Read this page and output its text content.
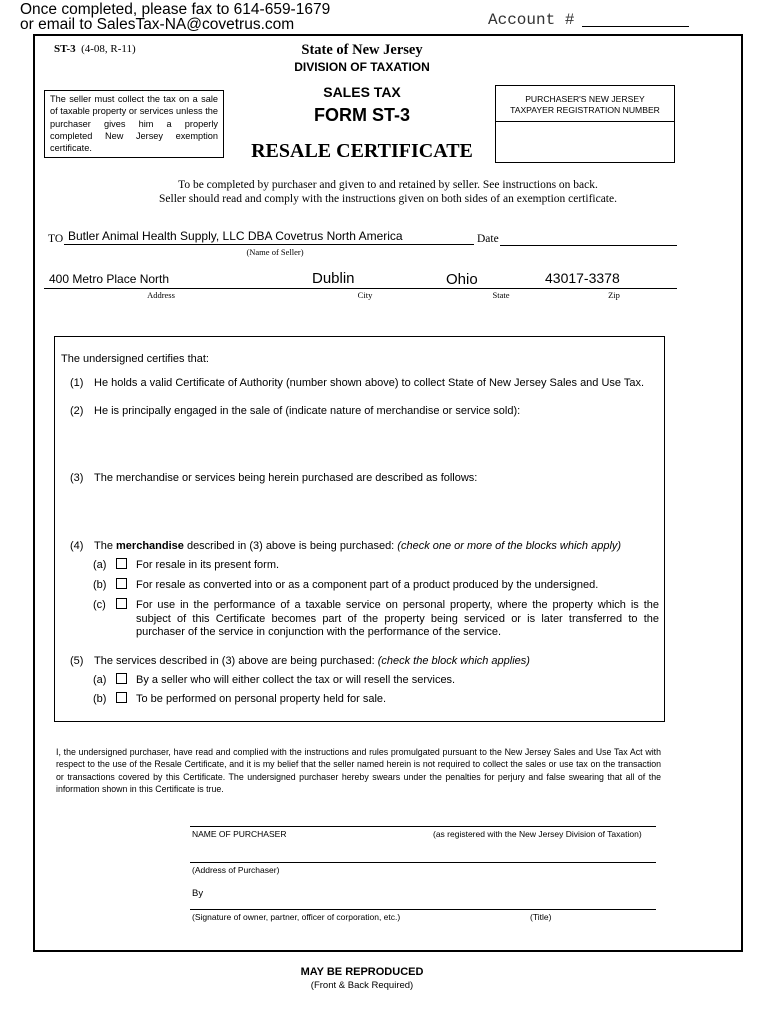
Once completed, please fax to 614-659-1679
or email to SalesTax-NA@covetrus.com	Account #
ST-3 (4-08, R-11)	State of New Jersey
DIVISION OF TAXATION
The seller must collect the tax on a sale of taxable property or services unless the purchaser gives him a properly completed New Jersey exemption certificate.
SALES TAX
FORM ST-3
RESALE CERTIFICATE
PURCHASER'S NEW JERSEY
TAXPAYER REGISTRATION NUMBER
To be completed by purchaser and given to and retained by seller. See instructions on back.
Seller should read and comply with the instructions given on both sides of an exemption certificate.
TO Butler Animal Health Supply, LLC DBA Covetrus North America
(Name of Seller)
Date
400 Metro Place North	Dublin	Ohio	43017-3378
Address	City	State	Zip
The undersigned certifies that:
(1) He holds a valid Certificate of Authority (number shown above) to collect State of New Jersey Sales and Use Tax.
(2) He is principally engaged in the sale of (indicate nature of merchandise or service sold):
(3) The merchandise or services being herein purchased are described as follows:
(4) The merchandise described in (3) above is being purchased: (check one or more of the blocks which apply)
(a)	For resale in its present form.
(b)	For resale as converted into or as a component part of a product produced by the undersigned.
(c)	For use in the performance of a taxable service on personal property, where the property which is the subject of this Certificate becomes part of the property being serviced or is later transferred to the purchaser of the service in conjunction with the performance of the service.
(5) The services described in (3) above are being purchased: (check the block which applies)
(a)	By a seller who will either collect the tax or will resell the services.
(b)	To be performed on personal property held for sale.
I, the undersigned purchaser, have read and complied with the instructions and rules promulgated pursuant to the New Jersey Sales and Use Tax Act with respect to the use of the Resale Certificate, and it is my belief that the seller named herein is not required to collect the sales or use tax on the transaction or transactions covered by this Certificate. The undersigned purchaser hereby swears under the penalties for perjury and false swearing that all of the information shown in this Certificate is true.
NAME OF PURCHASER	(as registered with the New Jersey Division of Taxation)
(Address of Purchaser)
By
(Signature of owner, partner, officer of corporation, etc.)	(Title)
MAY BE REPRODUCED
(Front & Back Required)
